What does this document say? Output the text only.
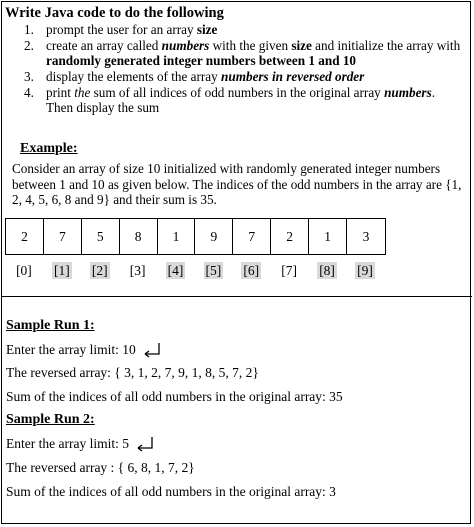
Write Java code to do the following
1. prompt the user for an array size
2. create an array called numbers with the given size and initialize the array with randomly generated integer numbers between 1 and 10
3. display the elements of the array numbers in reversed order
4. print the sum of all indices of odd numbers in the original array numbers.
Then display the sum
Example:
Consider an array of size 10 initialized with randomly generated integer numbers between 1 and 10 as given below. The indices of the odd numbers in the array are {1, 2, 4, 5, 6, 8 and 9} and their sum is 35.
2	7	5	8	1	9	7	2	1	3
[0] [1] [2] [3] [4] [5] [6] [7] [8] [9]
Sample Run 1:
Enter the array limit: 10
The reversed array: { 3, 1, 2, 7, 9, 1, 8, 5, 7, 2}
Sum of the indices of all odd numbers in the original array: 35
Sample Run 2:
Enter the array limit: 5
The reversed array : { 6, 8, 1, 7, 2}
Sum of the indices of all odd numbers in the original array: 3
